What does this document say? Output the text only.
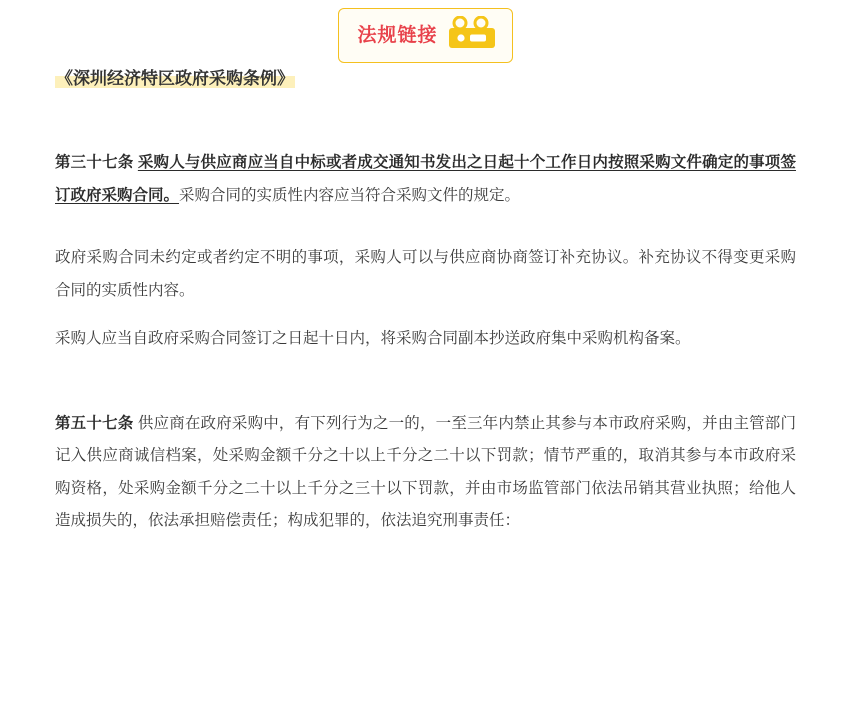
法规链接
《深圳经济特区政府采购条例》

第三十七条 采购人与供应商应当自中标或者成交通知书发出之日起十个工作日内按照采购文件确定的事项签订政府采购合同。采购合同的实质性内容应当符合采购文件的规定。

政府采购合同未约定或者约定不明的事项，采购人可以与供应商协商签订补充协议。补充协议不得变更采购合同的实质性内容。

采购人应当自政府采购合同签订之日起十日内，将采购合同副本抄送政府集中采购机构备案。

第五十七条 供应商在政府采购中，有下列行为之一的，一至三年内禁止其参与本市政府采购，并由主管部门记入供应商诚信档案，处采购金额千分之十以上千分之二十以下罚款；情节严重的，取消其参与本市政府采购资格，处采购金额千分之二十以上千分之三十以下罚款，并由市场监管部门依法吊销其营业执照；给他人造成损失的，依法承担赔偿责任；构成犯罪的，依法追究刑事责任：
